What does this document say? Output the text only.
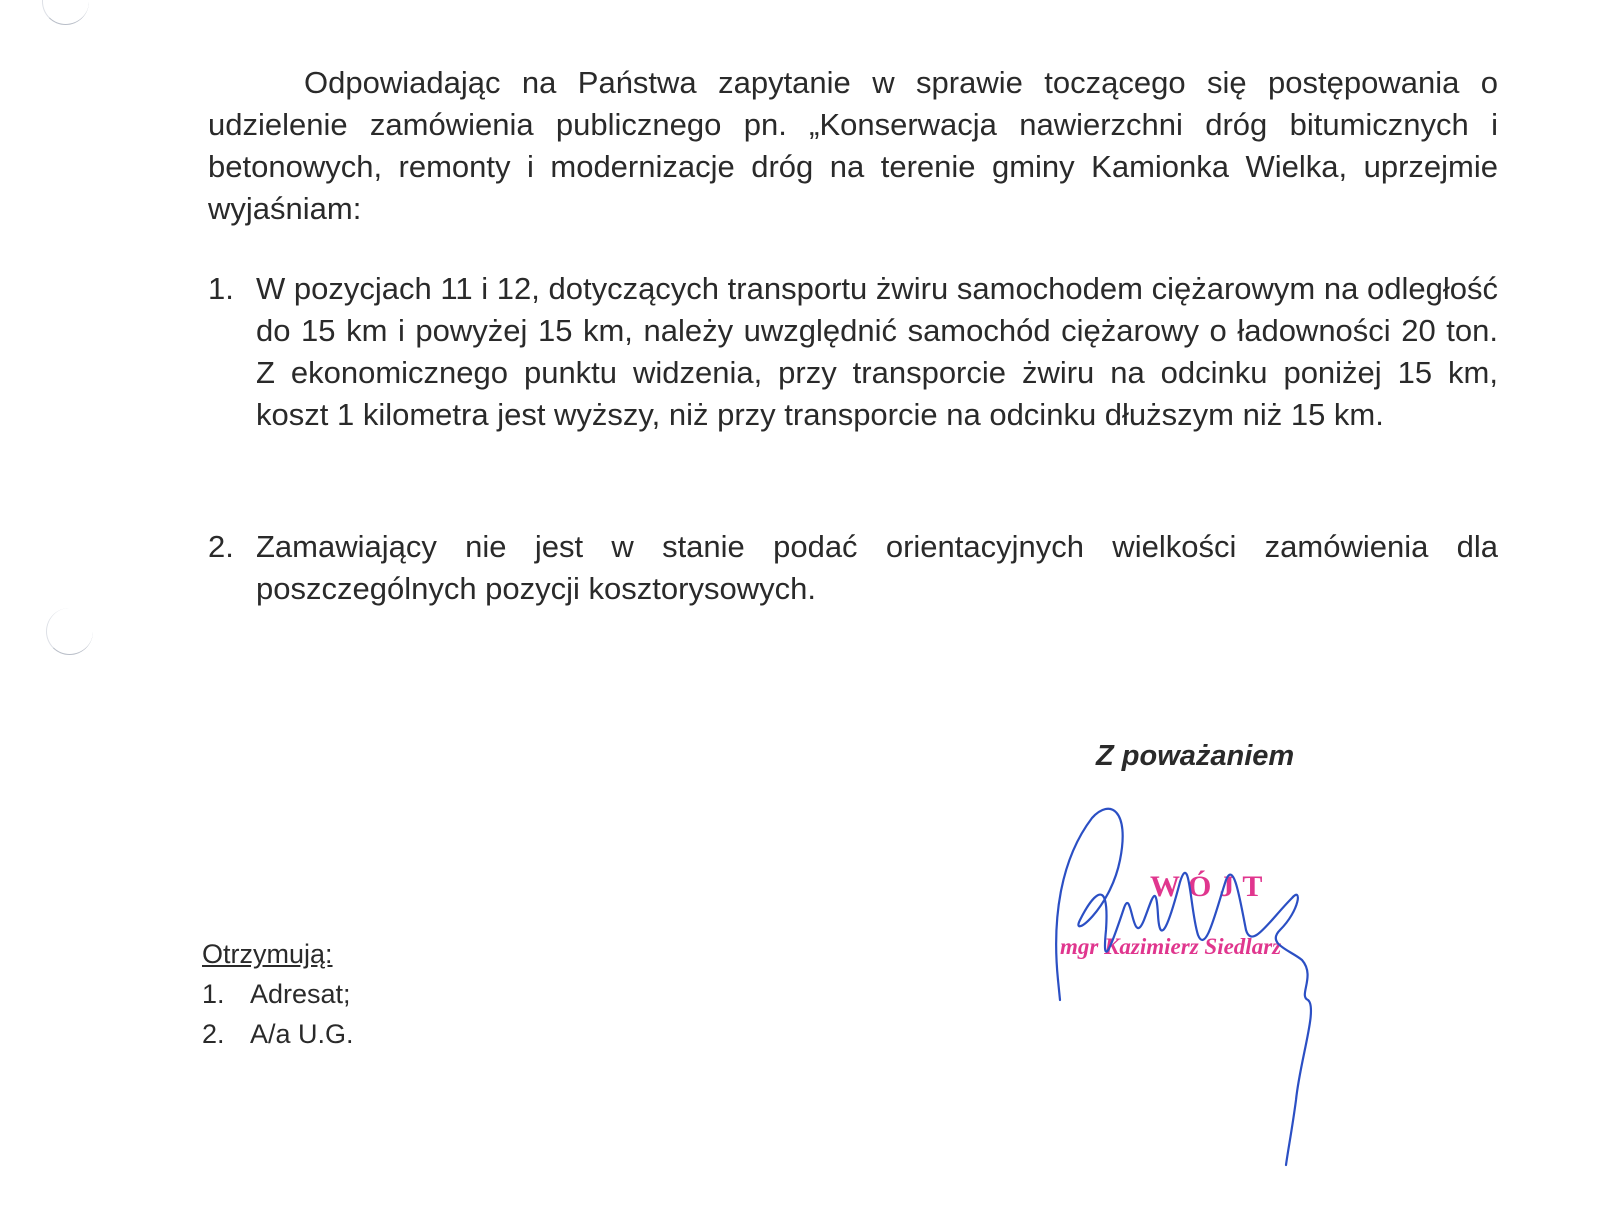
Odpowiadając na Państwa zapytanie w sprawie toczącego się postępowania o udzielenie zamówienia publicznego pn. „Konserwacja nawierzchni dróg bitumicznych i betonowych, remonty i modernizacje dróg na terenie gminy Kamionka Wielka, uprzejmie wyjaśniam:

1. W pozycjach 11 i 12, dotyczących transportu żwiru samochodem ciężarowym na odległość do 15 km i powyżej 15 km, należy uwzględnić samochód ciężarowy o ładowności 20 ton. Z ekonomicznego punktu widzenia, przy transporcie żwiru na odcinku poniżej 15 km, koszt 1 kilometra jest wyższy, niż przy transporcie na odcinku dłuższym niż 15 km.
2. Zamawiający nie jest w stanie podać orientacyjnych wielkości zamówienia dla poszczególnych pozycji kosztorysowych.
Z poważaniem
WÓJT
mgr Kazimierz Siedlarz
Otrzymują:
1. Adresat;
2. A/a U.G.
